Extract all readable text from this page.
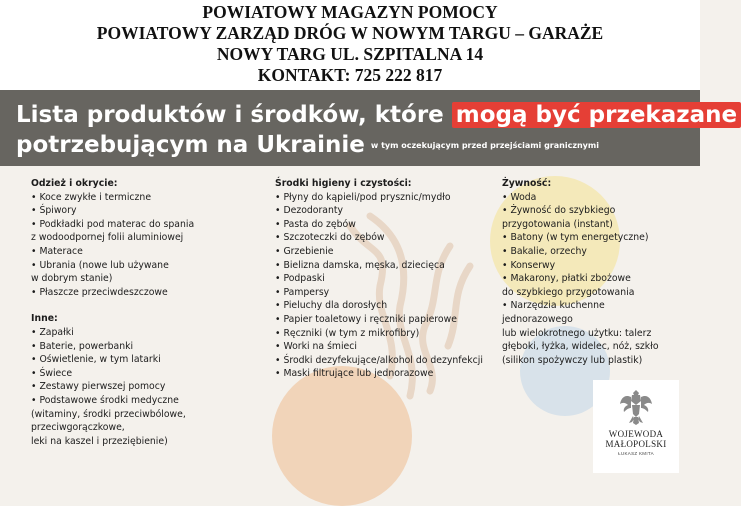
POWIATOWY MAGAZYN POMOCY
POWIATOWY ZARZĄD DRÓG W NOWYM TARGU – GARAŻE
NOWY TARG UL. SZPITALNA 14
KONTAKT: 725 222 817
Lista produktów i środków, które mogą być przekazane
potrzebującym na Ukrainie $^{w tym oczekującym przed przejściami granicznymi}$
Odzież i okrycie:
• Koce zwykłe i termiczne
• Śpiwory
• Podkładki pod materac do spania
z wodoodpornej folii aluminiowej
• Materace
• Ubrania (nowe lub używane
w dobrym stanie)
• Płaszcze przeciwdeszczowe
Inne:
• Zapałki
• Baterie, powerbanki
• Oświetlenie, w tym latarki
• Świece
• Zestawy pierwszej pomocy
• Podstawowe środki medyczne
(witaminy, środki przeciwbólowe,
przeciwgorączkowe,
leki na kaszel i przeziębienie)
Środki higieny i czystości:
• Płyny do kąpieli/pod prysznic/mydło
• Dezodoranty
• Pasta do zębów
• Szczoteczki do zębów
• Grzebienie
• Bielizna damska, męska, dziecięca
• Podpaski
• Pampersy
• Pieluchy dla dorosłych
• Papier toaletowy i ręczniki papierowe
• Ręczniki (w tym z mikrofibry)
• Worki na śmieci
• Środki dezyfekujące/alkohol do dezynfekcji
• Maski filtrujące lub jednorazowe
Żywność:
• Woda
• Żywność do szybkiego
przygotowania (instant)
• Batony (w tym energetyczne)
• Bakalie, orzechy
• Konserwy
• Makarony, płatki zbożowe
do szybkiego przygotowania
• Narzędzia kuchenne
jednorazowego
lub wielokrotnego użytku: talerz
głęboki, łyżka, widelec, nóż, szkło
(silikon spożywczy lub plastik)
WOJEWODA
MAŁOPOLSKI
ŁUKASZ KMITA
